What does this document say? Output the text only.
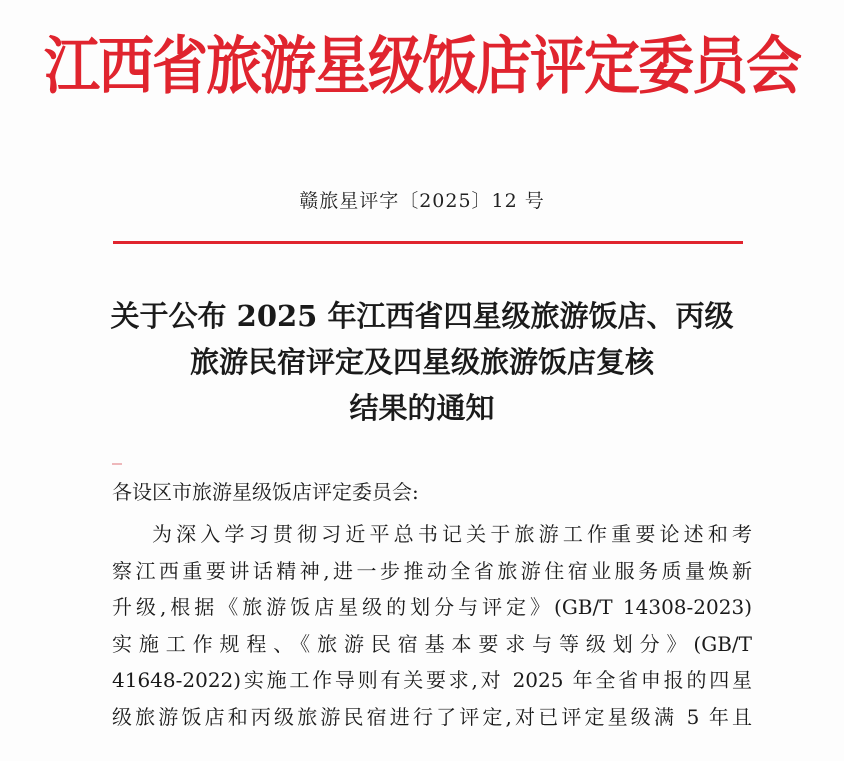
江西省旅游星级饭店评定委员会
赣旅星评字〔2025〕12 号
关于公布 2025 年江西省四星级旅游饭店、丙级
旅游民宿评定及四星级旅游饭店复核
结果的通知
各设区市旅游星级饭店评定委员会:
为深入学习贯彻习近平总书记关于旅游工作重要论述和考
察江西重要讲话精神,进一步推动全省旅游住宿业服务质量焕新
升级,根据《旅游饭店星级的划分与评定》(GB/T 14308-2023)
实施工作规程、《旅游民宿基本要求与等级划分》(GB/T
41648-2022)实施工作导则有关要求,对 2025 年全省申报的四星
级旅游饭店和丙级旅游民宿进行了评定,对已评定星级满 5 年且
